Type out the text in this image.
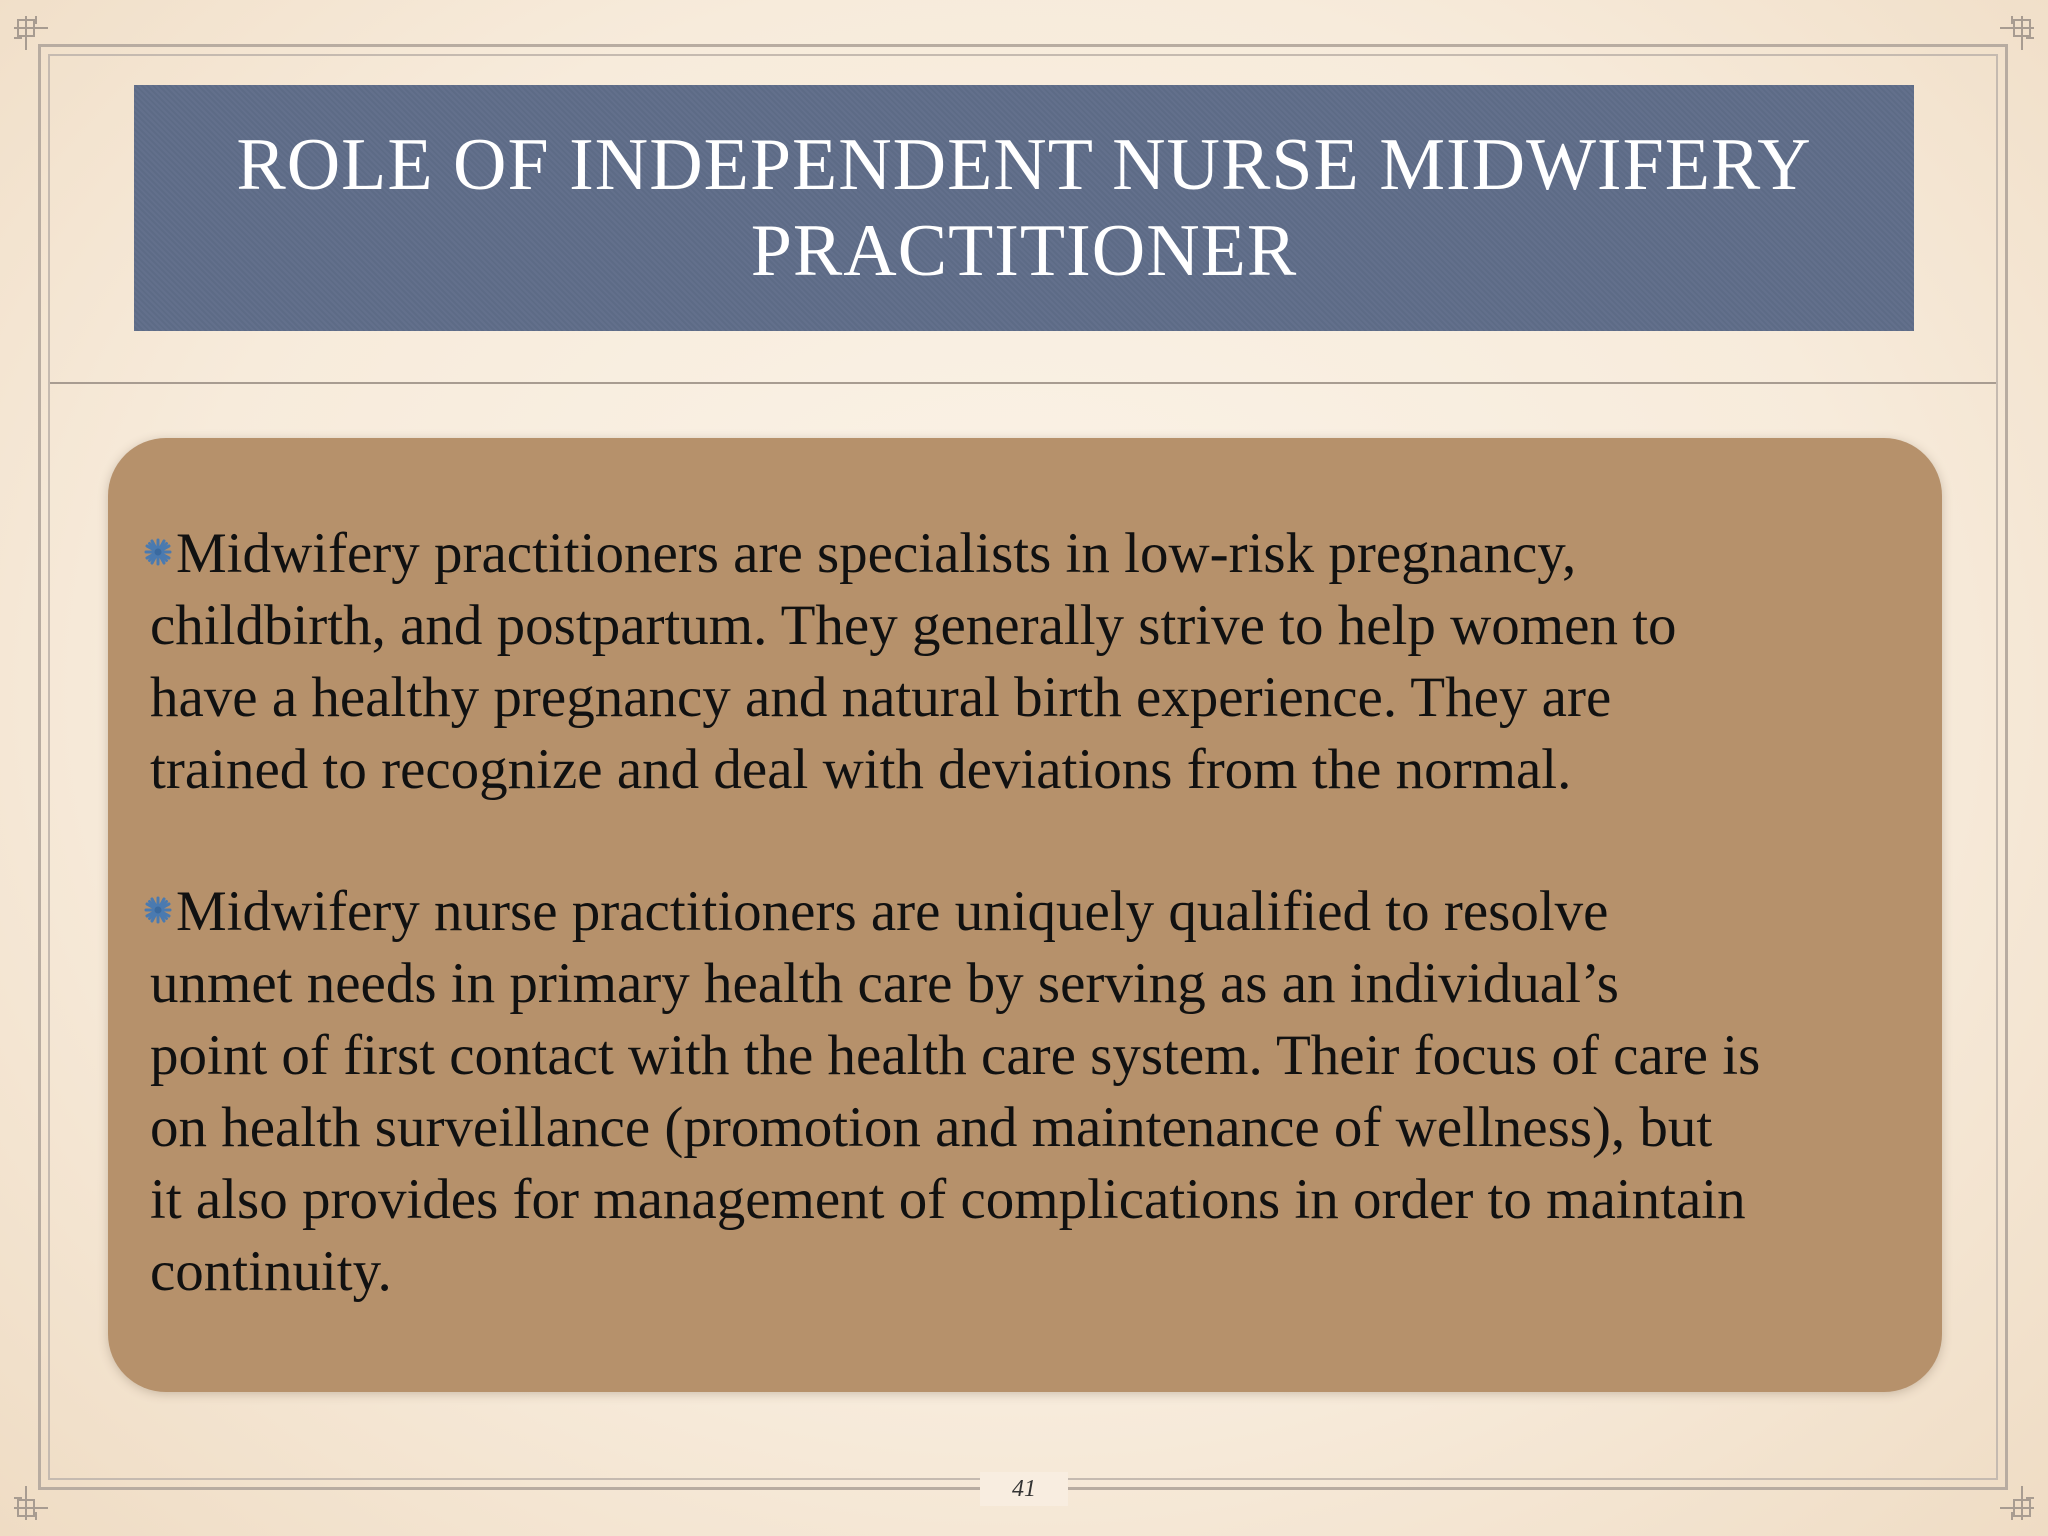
ROLE OF INDEPENDENT NURSE MIDWIFERY
PRACTITIONER
Midwifery practitioners are specialists in low-risk pregnancy,
childbirth, and postpartum. They generally strive to help women to
have a healthy pregnancy and natural birth experience. They are
trained to recognize and deal with deviations from the normal.
Midwifery nurse practitioners are uniquely qualified to resolve
unmet needs in primary health care by serving as an individual’s
point of first contact with the health care system. Their focus of care is
on health surveillance (promotion and maintenance of wellness), but
it also provides for management of complications in order to maintain
continuity.
41
